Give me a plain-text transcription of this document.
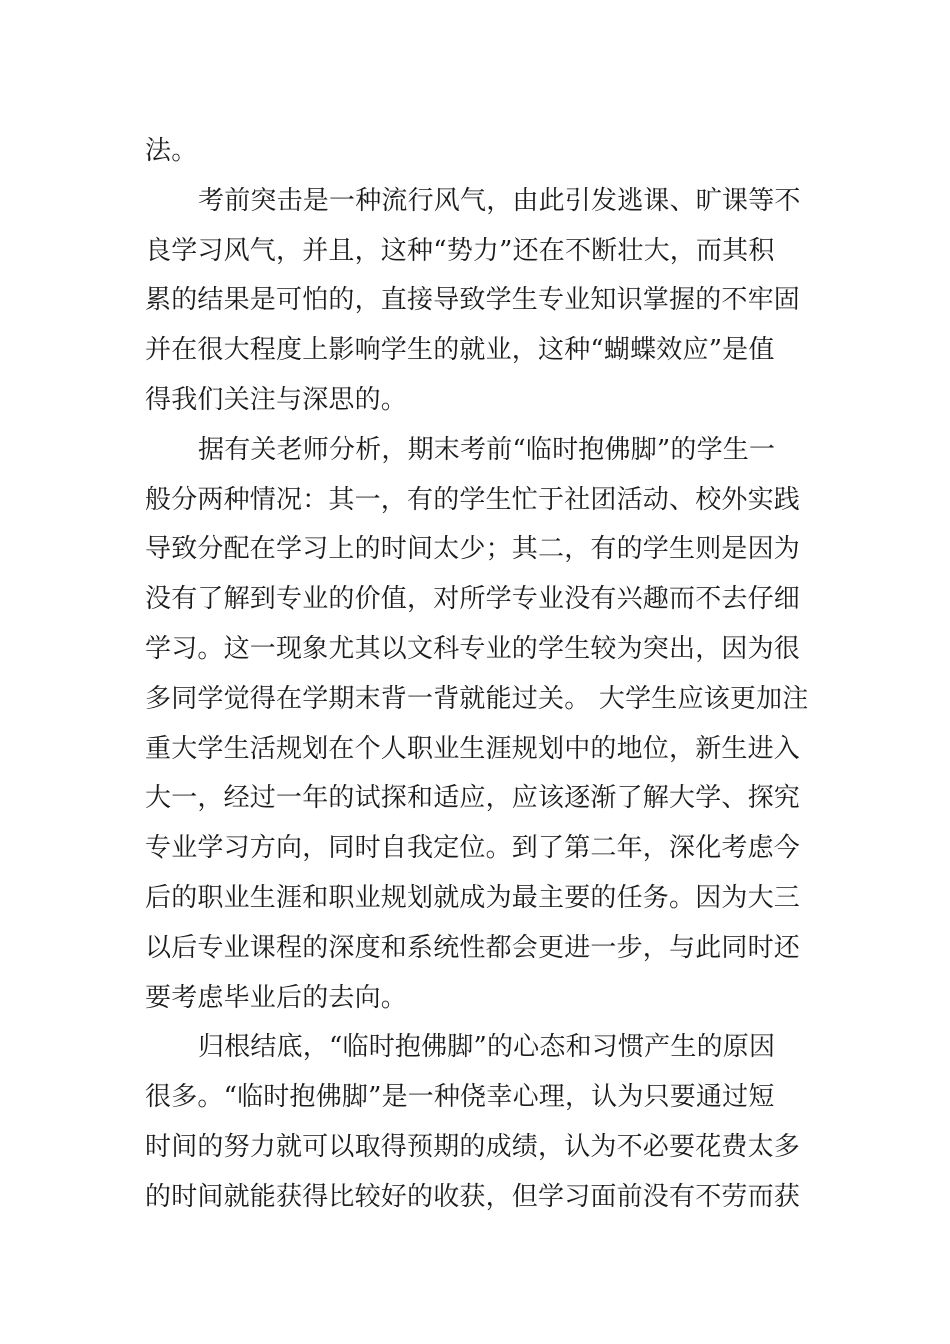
法。
考前突击是一种流行风气，由此引发逃课、旷课等不
良学习风气，并且，这种“势力”还在不断壮大，而其积
累的结果是可怕的，直接导致学生专业知识掌握的不牢固
并在很大程度上影响学生的就业，这种“蝴蝶效应”是值
得我们关注与深思的。
据有关老师分析，期末考前“临时抱佛脚”的学生一
般分两种情况：其一，有的学生忙于社团活动、校外实践
导致分配在学习上的时间太少；其二，有的学生则是因为
没有了解到专业的价值，对所学专业没有兴趣而不去仔细
学习。这一现象尤其以文科专业的学生较为突出，因为很
多同学觉得在学期末背一背就能过关。 大学生应该更加注
重大学生活规划在个人职业生涯规划中的地位，新生进入
大一，经过一年的试探和适应，应该逐渐了解大学、探究
专业学习方向，同时自我定位。到了第二年，深化考虑今
后的职业生涯和职业规划就成为最主要的任务。因为大三
以后专业课程的深度和系统性都会更进一步，与此同时还
要考虑毕业后的去向。
归根结底，“临时抱佛脚”的心态和习惯产生的原因
很多。“临时抱佛脚”是一种侥幸心理，认为只要通过短
时间的努力就可以取得预期的成绩，认为不必要花费太多
的时间就能获得比较好的收获，但学习面前没有不劳而获
